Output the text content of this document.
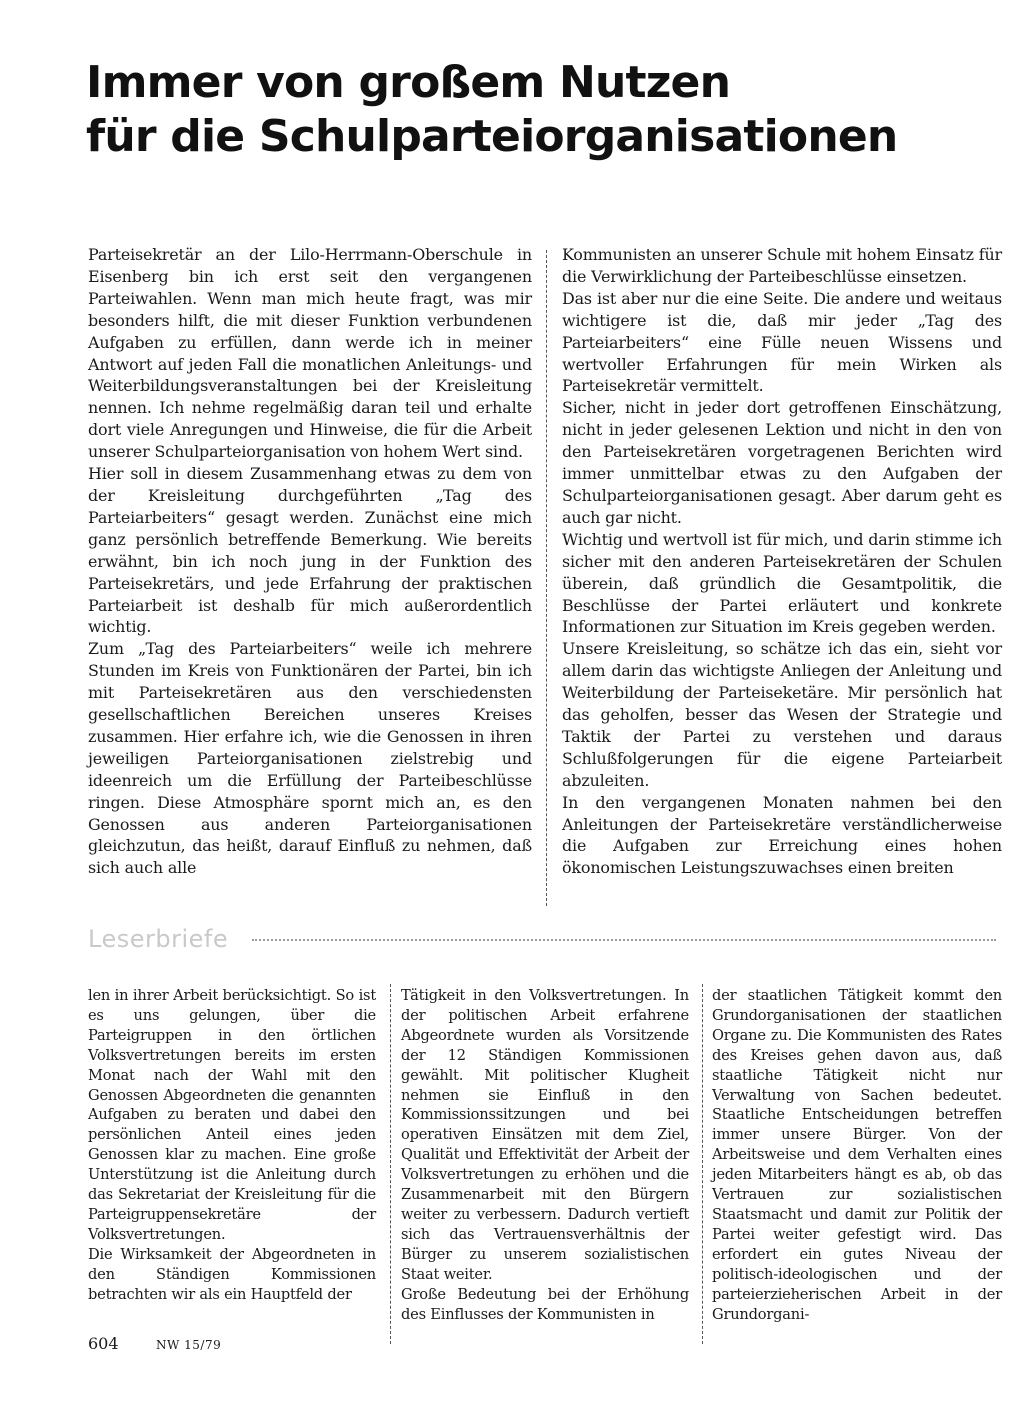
Immer von großem Nutzen
für die Schulparteiorganisationen

Parteisekretär an der Lilo-Herrmann-Oberschule in Eisenberg bin ich erst seit den vergangenen Parteiwahlen. Wenn man mich heute fragt, was mir besonders hilft, die mit dieser Funktion verbundenen Aufgaben zu erfüllen, dann werde ich in meiner Antwort auf jeden Fall die monatlichen Anleitungs- und Weiterbildungsveranstaltungen bei der Kreisleitung nennen. Ich nehme regelmäßig daran teil und erhalte dort viele Anregungen und Hinweise, die für die Arbeit unserer Schulparteiorganisation von hohem Wert sind.

Hier soll in diesem Zusammenhang etwas zu dem von der Kreisleitung durchgeführten „Tag des Parteiarbeiters“ gesagt werden. Zunächst eine mich ganz persönlich betreffende Bemerkung. Wie bereits erwähnt, bin ich noch jung in der Funktion des Parteisekretärs, und jede Erfahrung der praktischen Parteiarbeit ist deshalb für mich außerordentlich wichtig.

Zum „Tag des Parteiarbeiters“ weile ich mehrere Stunden im Kreis von Funktionären der Partei, bin ich mit Parteisekretären aus den verschiedensten gesellschaftlichen Bereichen unseres Kreises zusammen. Hier erfahre ich, wie die Genossen in ihren jeweiligen Parteiorganisationen zielstrebig und ideenreich um die Erfüllung der Parteibeschlüsse ringen. Diese Atmosphäre spornt mich an, es den Genossen aus anderen Parteiorganisationen gleichzutun, das heißt, darauf Einfluß zu nehmen, daß sich auch alle

Kommunisten an unserer Schule mit hohem Einsatz für die Verwirklichung der Parteibeschlüsse einsetzen.

Das ist aber nur die eine Seite. Die andere und weitaus wichtigere ist die, daß mir jeder „Tag des Parteiarbeiters“ eine Fülle neuen Wissens und wertvoller Erfahrungen für mein Wirken als Parteisekretär vermittelt.

Sicher, nicht in jeder dort getroffenen Einschätzung, nicht in jeder gelesenen Lektion und nicht in den von den Parteisekretären vorgetragenen Berichten wird immer unmittelbar etwas zu den Aufgaben der Schulparteiorganisationen gesagt. Aber darum geht es auch gar nicht.

Wichtig und wertvoll ist für mich, und darin stimme ich sicher mit den anderen Parteisekretären der Schulen überein, daß gründlich die Gesamtpolitik, die Beschlüsse der Partei erläutert und konkrete Informationen zur Situation im Kreis gegeben werden.

Unsere Kreisleitung, so schätze ich das ein, sieht vor allem darin das wichtigste Anliegen der Anleitung und Weiterbildung der Parteiseketäre. Mir persönlich hat das geholfen, besser das Wesen der Strategie und Taktik der Partei zu verstehen und daraus Schlußfolgerungen für die eigene Parteiarbeit abzuleiten.

In den vergangenen Monaten nahmen bei den Anleitungen der Parteisekretäre verständlicherweise die Aufgaben zur Erreichung eines hohen ökonomischen Leistungszuwachses einen breiten

Leserbriefe

len in ihrer Arbeit berücksichtigt. So ist es uns gelungen, über die Parteigruppen in den örtlichen Volksvertretungen bereits im ersten Monat nach der Wahl mit den Genossen Abgeordneten die genannten Aufgaben zu beraten und dabei den persönlichen Anteil eines jeden Genossen klar zu machen. Eine große Unterstützung ist die Anleitung durch das Sekretariat der Kreisleitung für die Parteigruppensekretäre der Volksvertretungen.

Die Wirksamkeit der Abgeordneten in den Ständigen Kommissionen betrachten wir als ein Hauptfeld der

Tätigkeit in den Volksvertretungen. In der politischen Arbeit erfahrene Abgeordnete wurden als Vorsitzende der 12 Ständigen Kommissionen gewählt. Mit politischer Klugheit nehmen sie Einfluß in den Kommissionssitzungen und bei operativen Einsätzen mit dem Ziel, Qualität und Effektivität der Arbeit der Volksvertretungen zu erhöhen und die Zusammenarbeit mit den Bürgern weiter zu verbessern. Dadurch vertieft sich das Vertrauensverhältnis der Bürger zu unserem sozialistischen Staat weiter.

Große Bedeutung bei der Erhöhung des Einflusses der Kommunisten in

der staatlichen Tätigkeit kommt den Grundorganisationen der staatlichen Organe zu. Die Kommunisten des Rates des Kreises gehen davon aus, daß staatliche Tätigkeit nicht nur Verwaltung von Sachen bedeutet. Staatliche Entscheidungen betreffen immer unsere Bürger. Von der Arbeitsweise und dem Verhalten eines jeden Mitarbeiters hängt es ab, ob das Vertrauen zur sozialistischen Staatsmacht und damit zur Politik der Partei weiter gefestigt wird. Das erfordert ein gutes Niveau der politisch-ideologischen und der parteierzieherischen Arbeit in der Grundorgani-

604	NW 15/79
